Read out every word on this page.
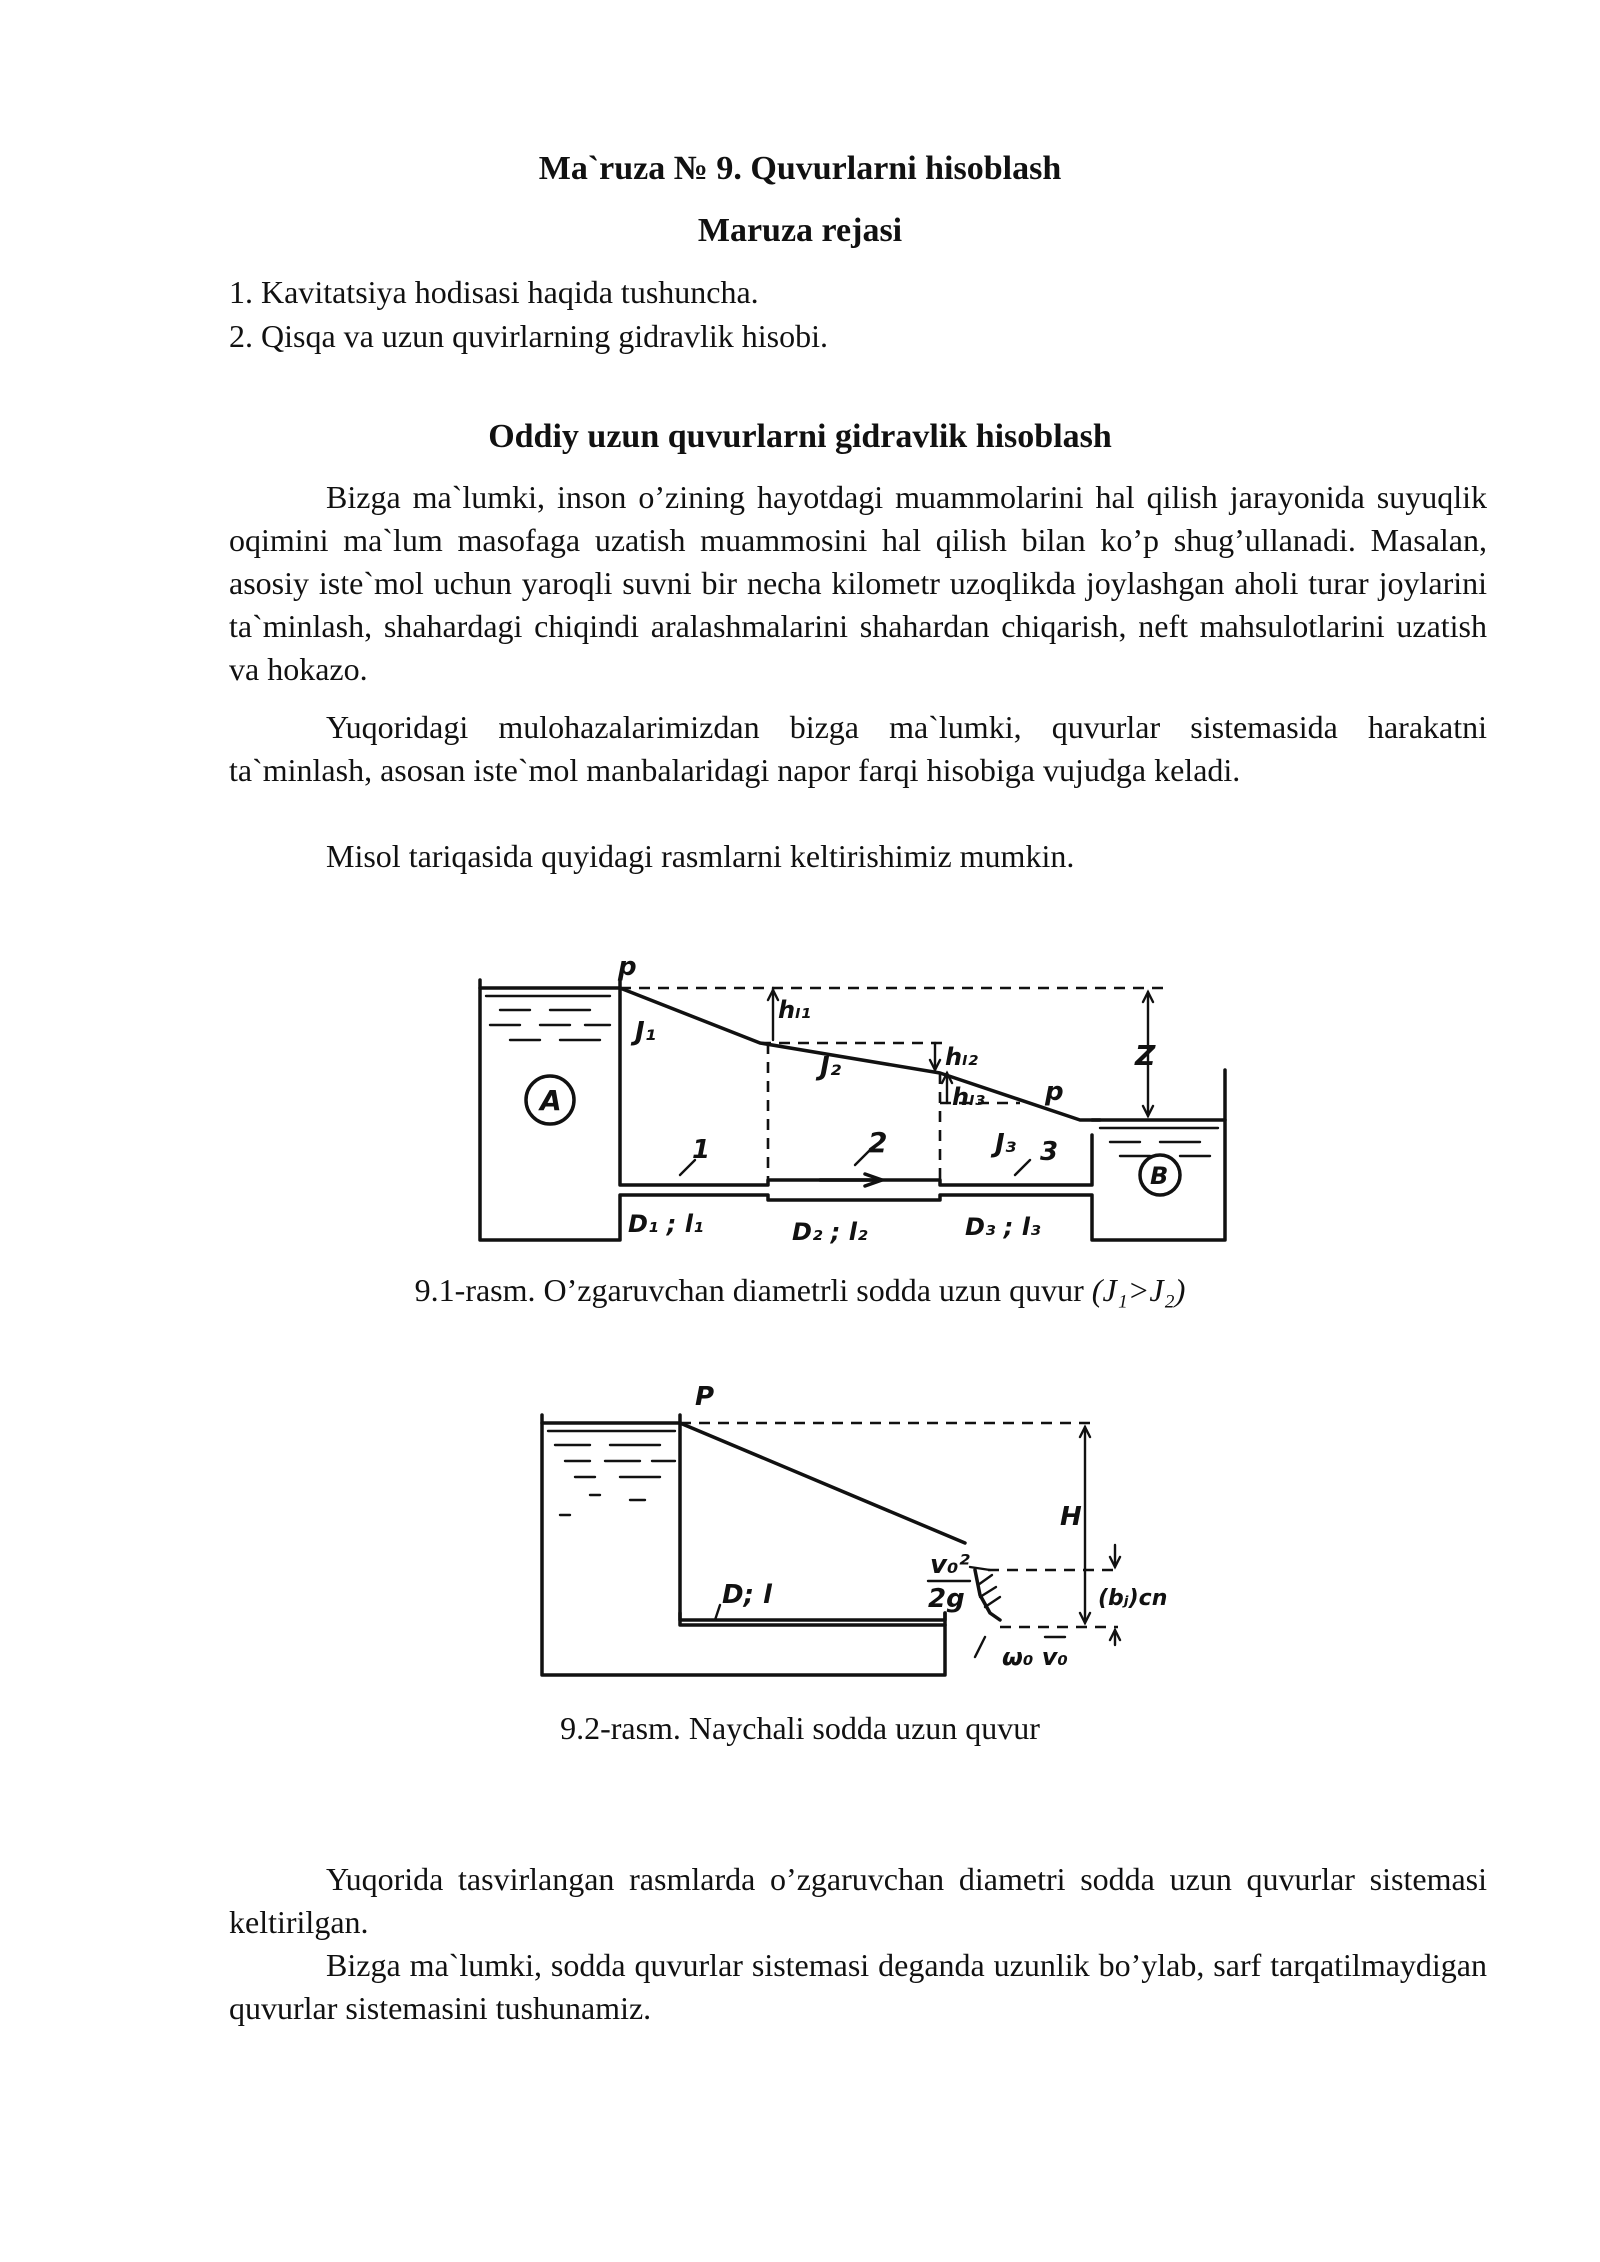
Ma`ruza № 9. Quvurlarni hisoblash
Maruza rejasi
1. Kavitatsiya hodisasi haqida tushuncha.
2. Qisqa va uzun quvirlarning gidravlik hisobi.
Oddiy uzun quvurlarni gidravlik hisoblash
Bizga ma`lumki, inson o’zining hayotdagi muammolarini hal qilish jarayonida suyuqlik oqimini ma`lum masofaga uzatish muammosini hal qilish bilan ko’p shug’ullanadi. Masalan, asosiy iste`mol uchun yaroqli suvni bir necha kilometr uzoqlikda joylashgan aholi turar joylarini ta`minlash, shahardagi chiqindi aralashmalarini shahardan chiqarish, neft mahsulotlarini uzatish va hokazo.
Yuqoridagi mulohazalarimizdan bizga ma`lumki, quvurlar sistemasida harakatni ta`minlash, asosan iste`mol manbalaridagi napor farqi hisobiga vujudga keladi.
Misol tariqasida quyidagi rasmlarni keltirishimiz mumkin.
p
J₁
hₗ₁
J₂	hₗ₂
hₗ₃ p
Z
A
B
J₃
1	2	3
D₁ ; l₁	D₂ ; l₂	D₃ ; l₃
9.1-rasm. O’zgaruvchan diametrli sodda uzun quvur (J₁>J₂)
P
H
v₀²
2g
D; l	(bⱼ)cn
ω₀ v₀
9.2-rasm. Naychali sodda uzun quvur
Yuqorida tasvirlangan rasmlarda o’zgaruvchan diametri sodda uzun quvurlar sistemasi keltirilgan.
Bizga ma`lumki, sodda quvurlar sistemasi deganda uzunlik bo’ylab, sarf tarqatilmaydigan quvurlar sistemasini tushunamiz.
